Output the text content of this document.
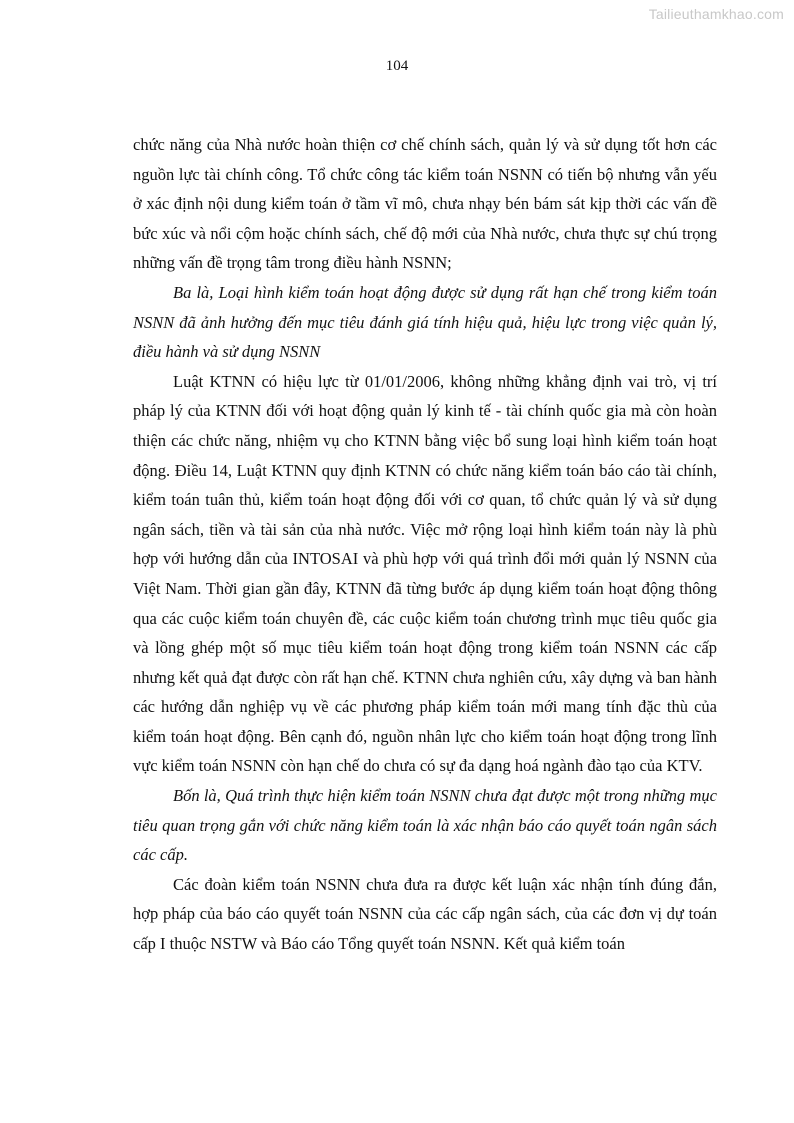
Tailieuthamkhao.com
104

chức năng của Nhà nước hoàn thiện cơ chế chính sách, quản lý và sử dụng tốt hơn các nguồn lực tài chính công. Tổ chức công tác kiểm toán NSNN có tiến bộ nhưng vẫn yếu ở xác định nội dung kiểm toán ở tầm vĩ mô, chưa nhạy bén bám sát kịp thời các vấn đề bức xúc và nổi cộm hoặc chính sách, chế độ mới của Nhà nước, chưa thực sự chú trọng những vấn đề trọng tâm trong điều hành NSNN;

Ba là, Loại hình kiểm toán hoạt động được sử dụng rất hạn chế trong kiểm toán NSNN đã ảnh hưởng đến mục tiêu đánh giá tính hiệu quả, hiệu lực trong việc quản lý, điều hành và sử dụng NSNN

Luật KTNN có hiệu lực từ 01/01/2006, không những khẳng định vai trò, vị trí pháp lý của KTNN đối với hoạt động quản lý kinh tế - tài chính quốc gia mà còn hoàn thiện các chức năng, nhiệm vụ cho KTNN bằng việc bổ sung loại hình kiểm toán hoạt động. Điều 14, Luật KTNN quy định KTNN có chức năng kiểm toán báo cáo tài chính, kiểm toán tuân thủ, kiểm toán hoạt động đối với cơ quan, tổ chức quản lý và sử dụng ngân sách, tiền và tài sản của nhà nước. Việc mở rộng loại hình kiểm toán này là phù hợp với hướng dẫn của INTOSAI và phù hợp với quá trình đổi mới quản lý NSNN của Việt Nam. Thời gian gần đây, KTNN đã từng bước áp dụng kiểm toán hoạt động thông qua các cuộc kiểm toán chuyên đề, các cuộc kiểm toán chương trình mục tiêu quốc gia và lồng ghép một số mục tiêu kiểm toán hoạt động trong kiểm toán NSNN các cấp nhưng kết quả đạt được còn rất hạn chế. KTNN chưa nghiên cứu, xây dựng và ban hành các hướng dẫn nghiệp vụ về các phương pháp kiểm toán mới mang tính đặc thù của kiểm toán hoạt động. Bên cạnh đó, nguồn nhân lực cho kiểm toán hoạt động trong lĩnh vực kiểm toán NSNN còn hạn chế do chưa có sự đa dạng hoá ngành đào tạo của KTV.

Bốn là, Quá trình thực hiện kiểm toán NSNN chưa đạt được một trong những mục tiêu quan trọng gắn với chức năng kiểm toán là xác nhận báo cáo quyết toán ngân sách các cấp.

Các đoàn kiểm toán NSNN chưa đưa ra được kết luận xác nhận tính đúng đắn, hợp pháp của báo cáo quyết toán NSNN của các cấp ngân sách, của các đơn vị dự toán cấp I thuộc NSTW và Báo cáo Tổng quyết toán NSNN. Kết quả kiểm toán
